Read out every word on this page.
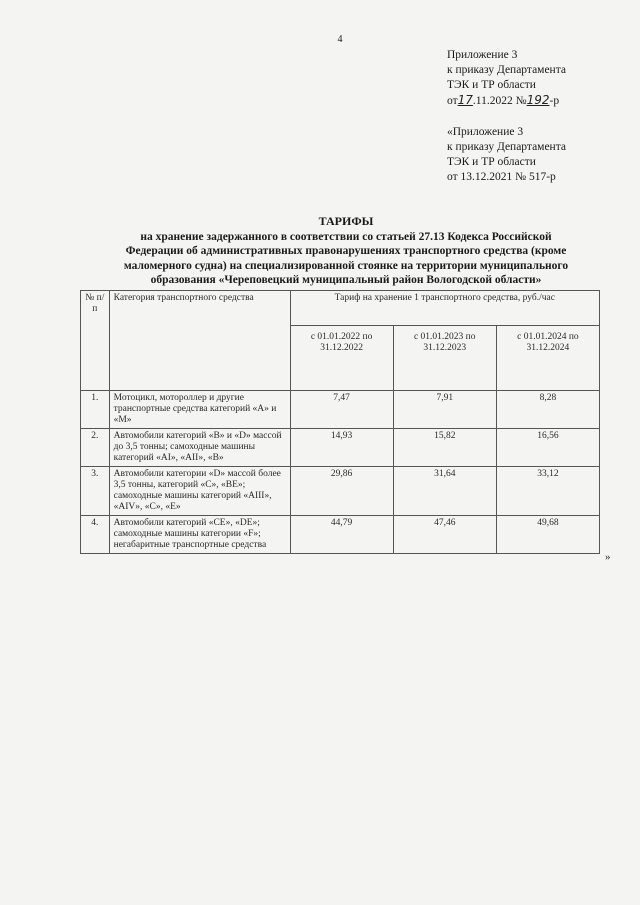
4
Приложение 3
к приказу Департамента
ТЭК и ТР области
от17.11.2022 №192-р
«Приложение 3
к приказу Департамента
ТЭК и ТР области
от 13.12.2021 № 517-р
ТАРИФЫ
на хранение задержанного в соответствии со статьей 27.13 Кодекса Российской
Федерации об административных правонарушениях транспортного средства (кроме
маломерного судна) на специализированной стоянке на территории муниципального
образования «Череповецкий муниципальный район Вологодской области»
№ п/п	Категория транспортного средства	Тариф на хранение 1 транспортного средства, руб./час		
		с 01.01.2022 по 31.12.2022	с 01.01.2023 по 31.12.2023	с 01.01.2024 по 31.12.2024
1.	Мотоцикл, мотороллер и другие транспортные средства категорий «А» и «М»	7,47	7,91	8,28
2.	Автомобили категорий «В» и «D» массой до 3,5 тонны; самоходные машины категорий «AI», «AII», «В»	14,93	15,82	16,56
3.	Автомобили категории «D» массой более 3,5 тонны, категорий «С», «ВЕ»; самоходные машины категорий «AIII», «AIV», «С», «Е»	29,86	31,64	33,12
4.	Автомобили категорий «СЕ», «DE»; самоходные машины категории «F»; негабаритные транспортные средства	44,79	47,46	49,68
»
